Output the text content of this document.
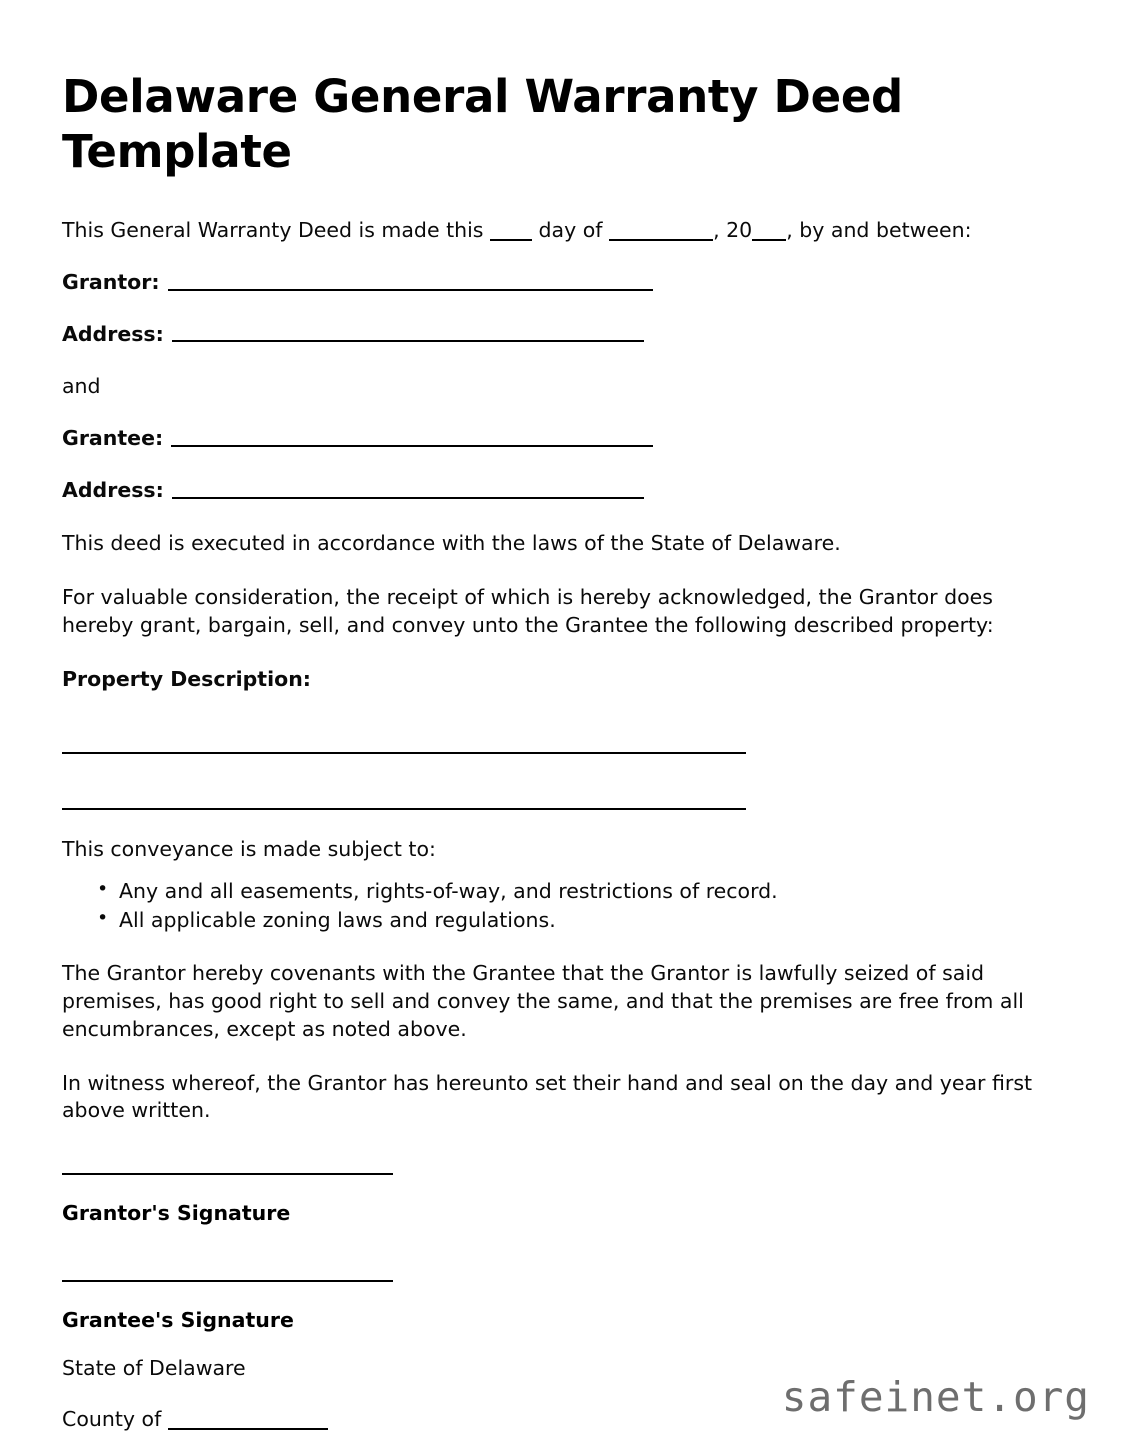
Delaware General Warranty Deed Template

This General Warranty Deed is made this	day of	, 20 , by and between:

Grantor:
Address:

and

Grantee:
Address:

This deed is executed in accordance with the laws of the State of Delaware.

For valuable consideration, the receipt of which is hereby acknowledged, the Grantor does hereby grant, bargain, sell, and convey unto the Grantee the following described property:

Property Description:

This conveyance is made subject to:

• Any and all easements, rights-of-way, and restrictions of record.
• All applicable zoning laws and regulations.

The Grantor hereby covenants with the Grantee that the Grantor is lawfully seized of said premises, has good right to sell and convey the same, and that the premises are free from all encumbrances, except as noted above.

In witness whereof, the Grantor has hereunto set their hand and seal on the day and year first above written.

Grantor's Signature

Grantee's Signature

State of Delaware

County of	safeinet.org
